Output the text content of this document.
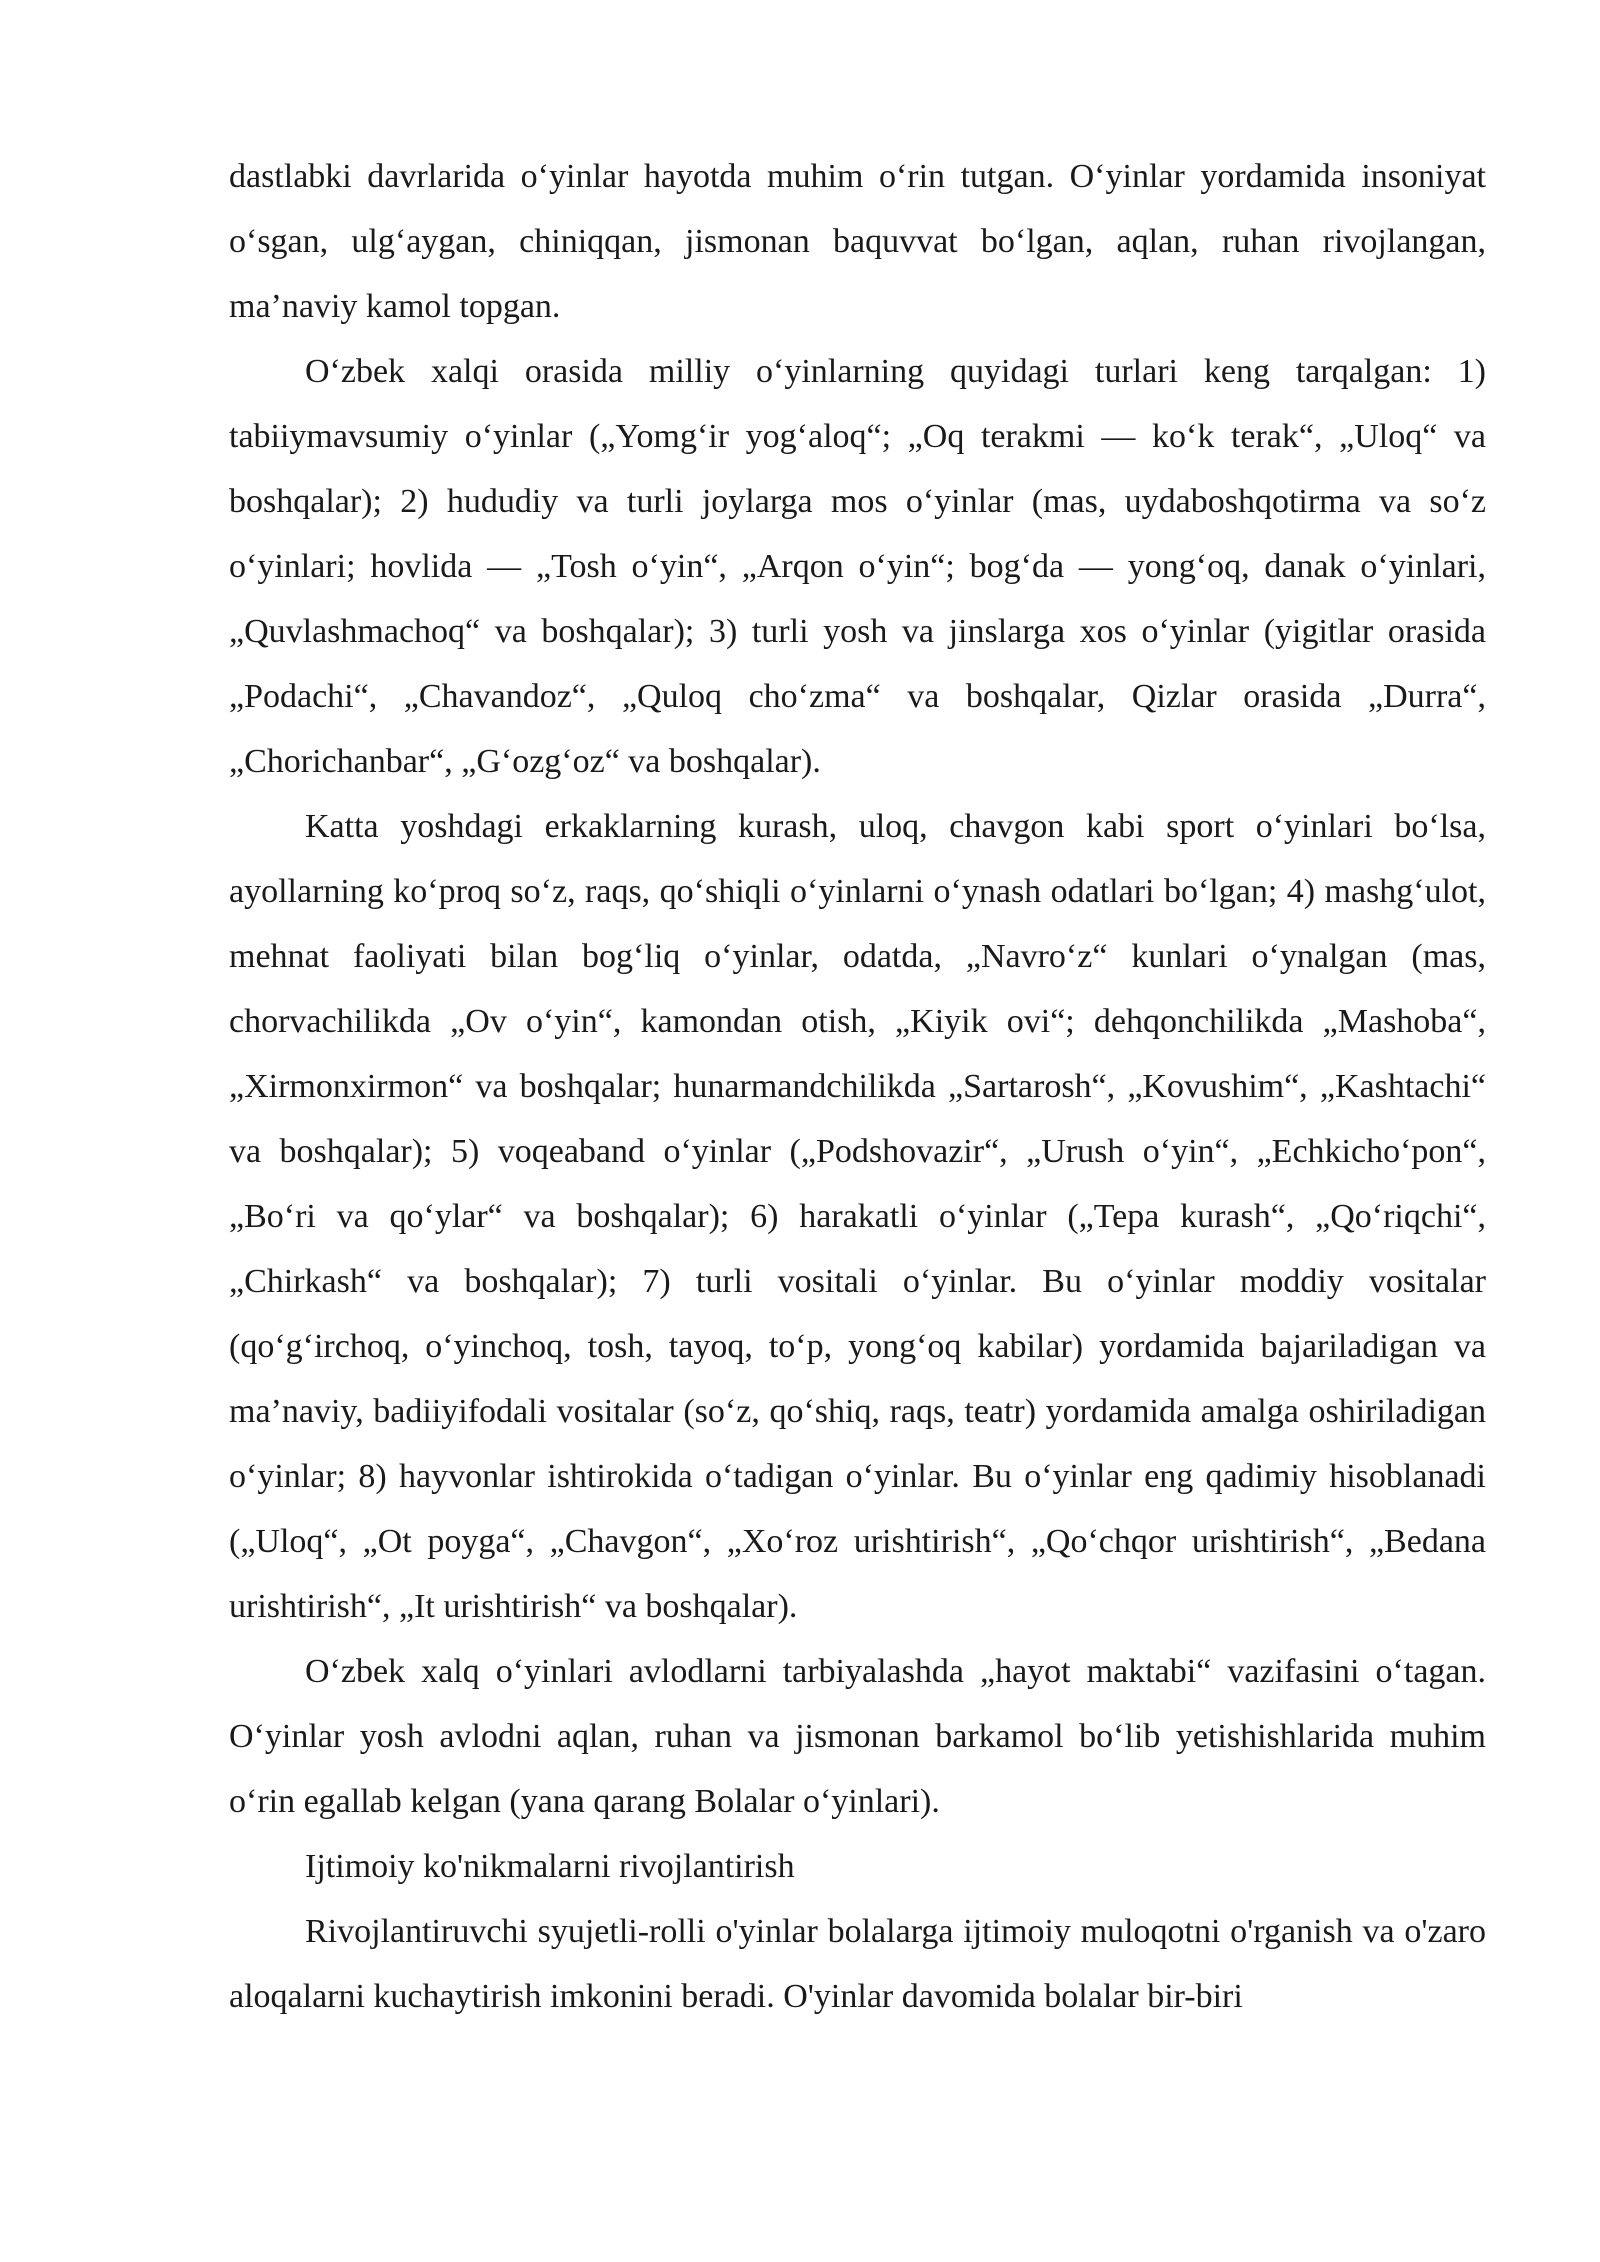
dastlabki davrlarida o‘yinlar hayotda muhim o‘rin tutgan. O‘yinlar yordamida insoniyat o‘sgan, ulg‘aygan, chiniqqan, jismonan baquvvat bo‘lgan, aqlan, ruhan rivojlangan, ma’naviy kamol topgan.

O‘zbek xalqi orasida milliy o‘yinlarning quyidagi turlari keng tarqalgan: 1) tabiiymavsumiy o‘yinlar („Yomg‘ir yog‘aloq“; „Oq terakmi — ko‘k terak“, „Uloq“ va boshqalar); 2) hududiy va turli joylarga mos o‘yinlar (mas, uydaboshqotirma va so‘z o‘yinlari; hovlida — „Tosh o‘yin“, „Arqon o‘yin“; bog‘da — yong‘oq, danak o‘yinlari, „Quvlashmachoq“ va boshqalar); 3) turli yosh va jinslarga xos o‘yinlar (yigitlar orasida „Podachi“, „Chavandoz“, „Quloq cho‘zma“ va boshqalar, Qizlar orasida „Durra“, „Chorichanbar“, „G‘ozg‘oz“ va boshqalar).

Katta yoshdagi erkaklarning kurash, uloq, chavgon kabi sport o‘yinlari bo‘lsa, ayollarning ko‘proq so‘z, raqs, qo‘shiqli o‘yinlarni o‘ynash odatlari bo‘lgan; 4) mashg‘ulot, mehnat faoliyati bilan bog‘liq o‘yinlar, odatda, „Navro‘z“ kunlari o‘ynalgan (mas, chorvachilikda „Ov o‘yin“, kamondan otish, „Kiyik ovi“; dehqonchilikda „Mashoba“, „Xirmonxirmon“ va boshqalar; hunarmandchilikda „Sartarosh“, „Kovushim“, „Kashtachi“ va boshqalar); 5) voqeaband o‘yinlar („Podshovazir“, „Urush o‘yin“, „Echkicho‘pon“, „Bo‘ri va qo‘ylar“ va boshqalar); 6) harakatli o‘yinlar („Tepa kurash“, „Qo‘riqchi“, „Chirkash“ va boshqalar); 7) turli vositali o‘yinlar. Bu o‘yinlar moddiy vositalar (qo‘g‘irchoq, o‘yinchoq, tosh, tayoq, to‘p, yong‘oq kabilar) yordamida bajariladigan va ma’naviy, badiiyifodali vositalar (so‘z, qo‘shiq, raqs, teatr) yordamida amalga oshiriladigan o‘yinlar; 8) hayvonlar ishtirokida o‘tadigan o‘yinlar. Bu o‘yinlar eng qadimiy hisoblanadi („Uloq“, „Ot poyga“, „Chavgon“, „Xo‘roz urishtirish“, „Qo‘chqor urishtirish“, „Bedana urishtirish“, „It urishtirish“ va boshqalar).

O‘zbek xalq o‘yinlari avlodlarni tarbiyalashda „hayot maktabi“ vazifasini o‘tagan. O‘yinlar yosh avlodni aqlan, ruhan va jismonan barkamol bo‘lib yetishishlarida muhim o‘rin egallab kelgan (yana qarang Bolalar o‘yinlari).

Ijtimoiy ko'nikmalarni rivojlantirish

Rivojlantiruvchi syujetli-rolli o'yinlar bolalarga ijtimoiy muloqotni o'rganish va o'zaro aloqalarni kuchaytirish imkonini beradi. O'yinlar davomida bolalar bir-biri
